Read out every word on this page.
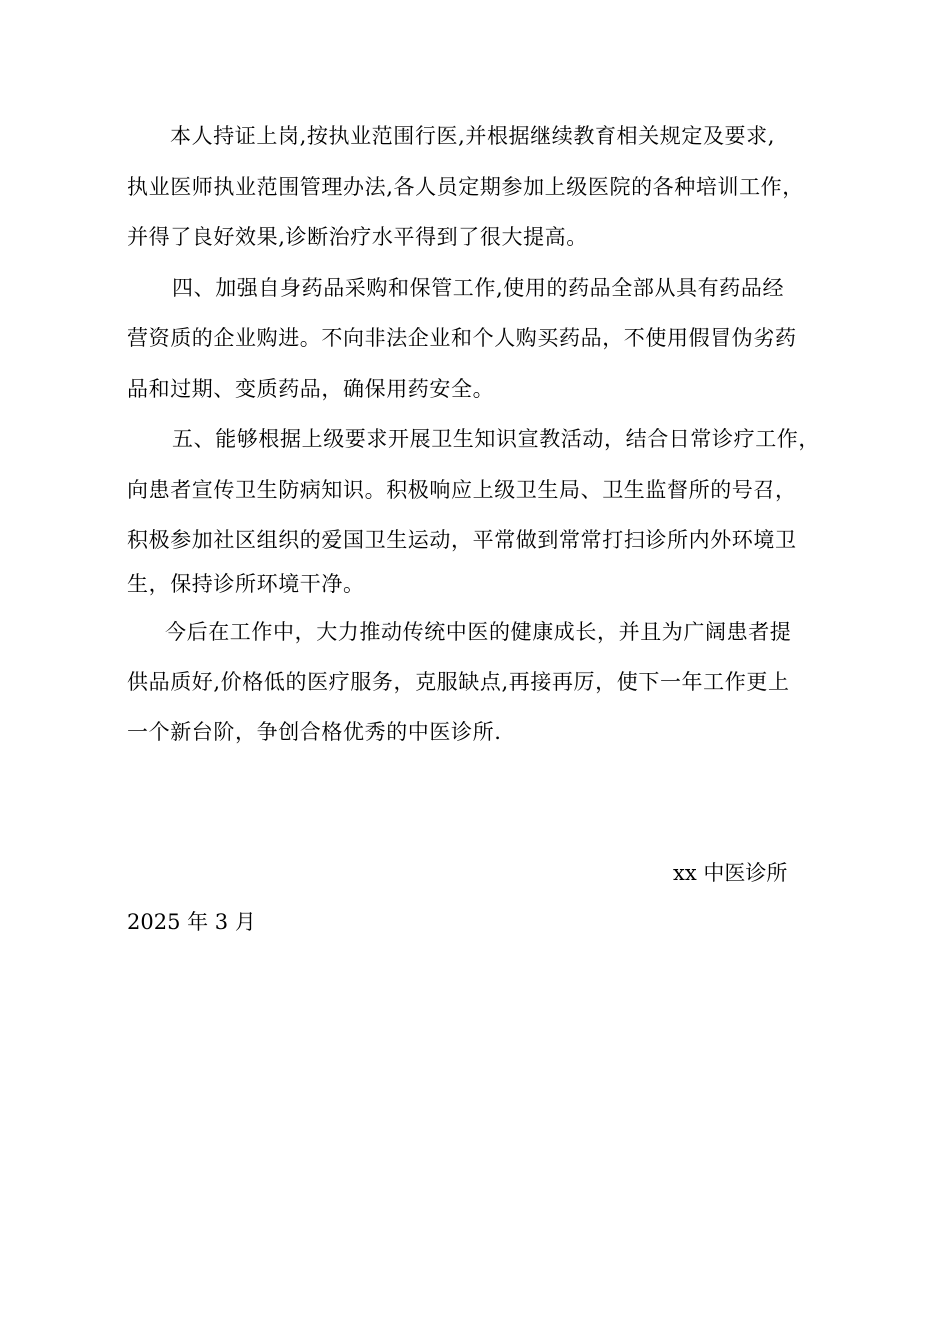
本人持证上岗,按执业范围行医,并根据继续教育相关规定及要求,
执业医师执业范围管理办法,各人员定期参加上级医院的各种培训工作，
并得了良好效果,诊断治疗水平得到了很大提高。
四、加强自身药品采购和保管工作,使用的药品全部从具有药品经
营资质的企业购进。不向非法企业和个人购买药品，不使用假冒伪劣药
品和过期、变质药品，确保用药安全。
五、能够根据上级要求开展卫生知识宣教活动，结合日常诊疗工作，
向患者宣传卫生防病知识。积极响应上级卫生局、卫生监督所的号召，
积极参加社区组织的爱国卫生运动，平常做到常常打扫诊所内外环境卫
生，保持诊所环境干净。
今后在工作中，大力推动传统中医的健康成长，并且为广阔患者提
供品质好,价格低的医疗服务，克服缺点,再接再厉，使下一年工作更上
一个新台阶，争创合格优秀的中医诊所.
xx 中医诊所
2025 年 3 月
